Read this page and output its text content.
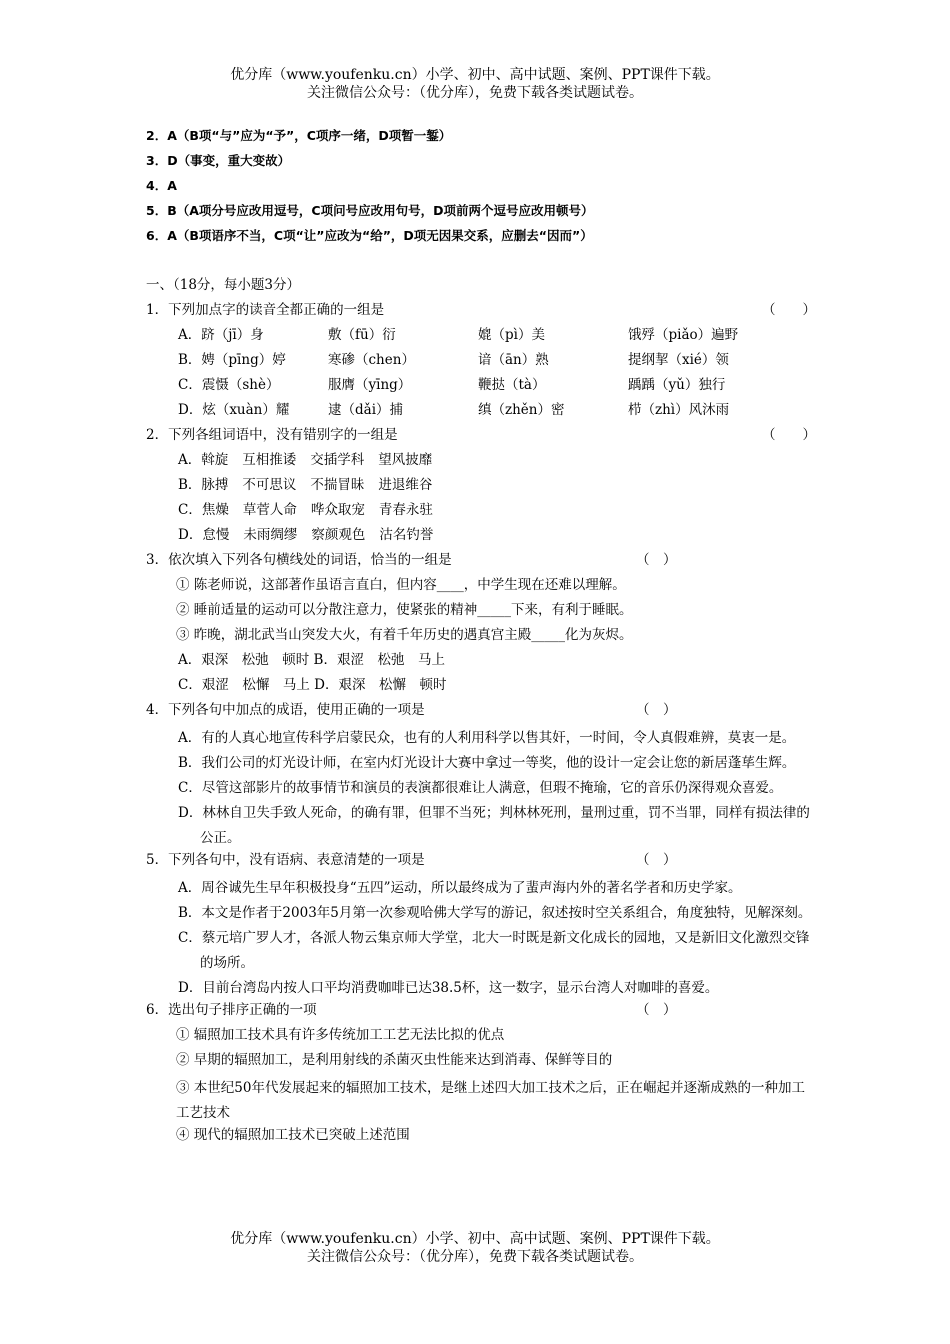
优分库（www.youfenku.cn）小学、初中、高中试题、案例、PPT课件下载。
关注微信公众号：（优分库），免费下载各类试题试卷。
2．A（B项“与”应为“予”，C项序一绪，D项暂一錾）
3．D（事变，重大变故）
4．A
5．B（A项分号应改用逗号，C项问号应改用句号，D项前两个逗号应改用顿号）
6．A（B项语序不当，C项“让”应改为“给”，D项无因果交系，应删去“因而”）
一、（18分，每小题3分）
1．下列加点字的读音全都正确的一组是	（　　）
A．跻（jī）身	敷（fū）衍	媲（pì）美	饿殍（piǎo）遍野
B．娉（pīng）婷	寒碜（chen）	谙（ān）熟	提纲挈（xié）领
C．震慑（shè）	服膺（yīng）	鞭挞（tà）	踽踽（yǔ）独行
D．炫（xuàn）耀	逮（dǎi）捕	缜（zhěn）密	栉（zhì）风沐雨
2．下列各组词语中，没有错别字的一组是	（　　）
A．斡旋 互相推诿 交插学科 望风披靡
B．脉搏 不可思议 不揣冒昧 进退维谷
C．焦燥 草菅人命 哗众取宠 青春永驻
D．怠慢 未雨绸缪 察颜观色 沽名钓誉
3．依次填入下列各句横线处的词语，恰当的一组是	（　）
① 陈老师说，这部著作虽语言直白，但内容____，中学生现在还难以理解。
② 睡前适量的运动可以分散注意力，使紧张的精神_____下来，有利于睡眠。
③ 昨晚，湖北武当山突发大火，有着千年历史的遇真宫主殿_____化为灰烬。
A．艰深　松弛　顿时 B．艰涩　松弛　马上
C．艰涩　松懈　马上 D．艰深　松懈　顿时
4．下列各句中加点的成语，使用正确的一项是	（　）
A．有的人真心地宣传科学启蒙民众，也有的人利用科学以售其奸，一时间，令人真假难辨，莫衷一是。
B．我们公司的灯光设计师，在室内灯光设计大赛中拿过一等奖，他的设计一定会让您的新居蓬荜生辉。
C．尽管这部影片的故事情节和演员的表演都很难让人满意，但瑕不掩瑜，它的音乐仍深得观众喜爱。
D．林林自卫失手致人死命，的确有罪，但罪不当死；判林林死刑，量刑过重，罚不当罪，同样有损法律的公正。
5．下列各句中，没有语病、表意清楚的一项是	（　）
A．周谷诚先生早年积极投身“五四”运动，所以最终成为了蜚声海内外的著名学者和历史学家。
B．本文是作者于2003年5月第一次参观哈佛大学写的游记，叙述按时空关系组合，角度独特，见解深刻。
C．蔡元培广罗人才，各派人物云集京师大学堂，北大一时既是新文化成长的园地，又是新旧文化激烈交锋的场所。
D．目前台湾岛内按人口平均消费咖啡已达38.5杯，这一数字，显示台湾人对咖啡的喜爱。
6．选出句子排序正确的一项	（　）
① 辐照加工技术具有许多传统加工工艺无法比拟的优点
② 早期的辐照加工，是利用射线的杀菌灭虫性能来达到消毒、保鲜等目的
③ 本世纪50年代发展起来的辐照加工技术，是继上述四大加工技术之后，正在崛起并逐渐成熟的一种加工工艺技术
④ 现代的辐照加工技术已突破上述范围
优分库（www.youfenku.cn）小学、初中、高中试题、案例、PPT课件下载。
关注微信公众号：（优分库），免费下载各类试题试卷。
